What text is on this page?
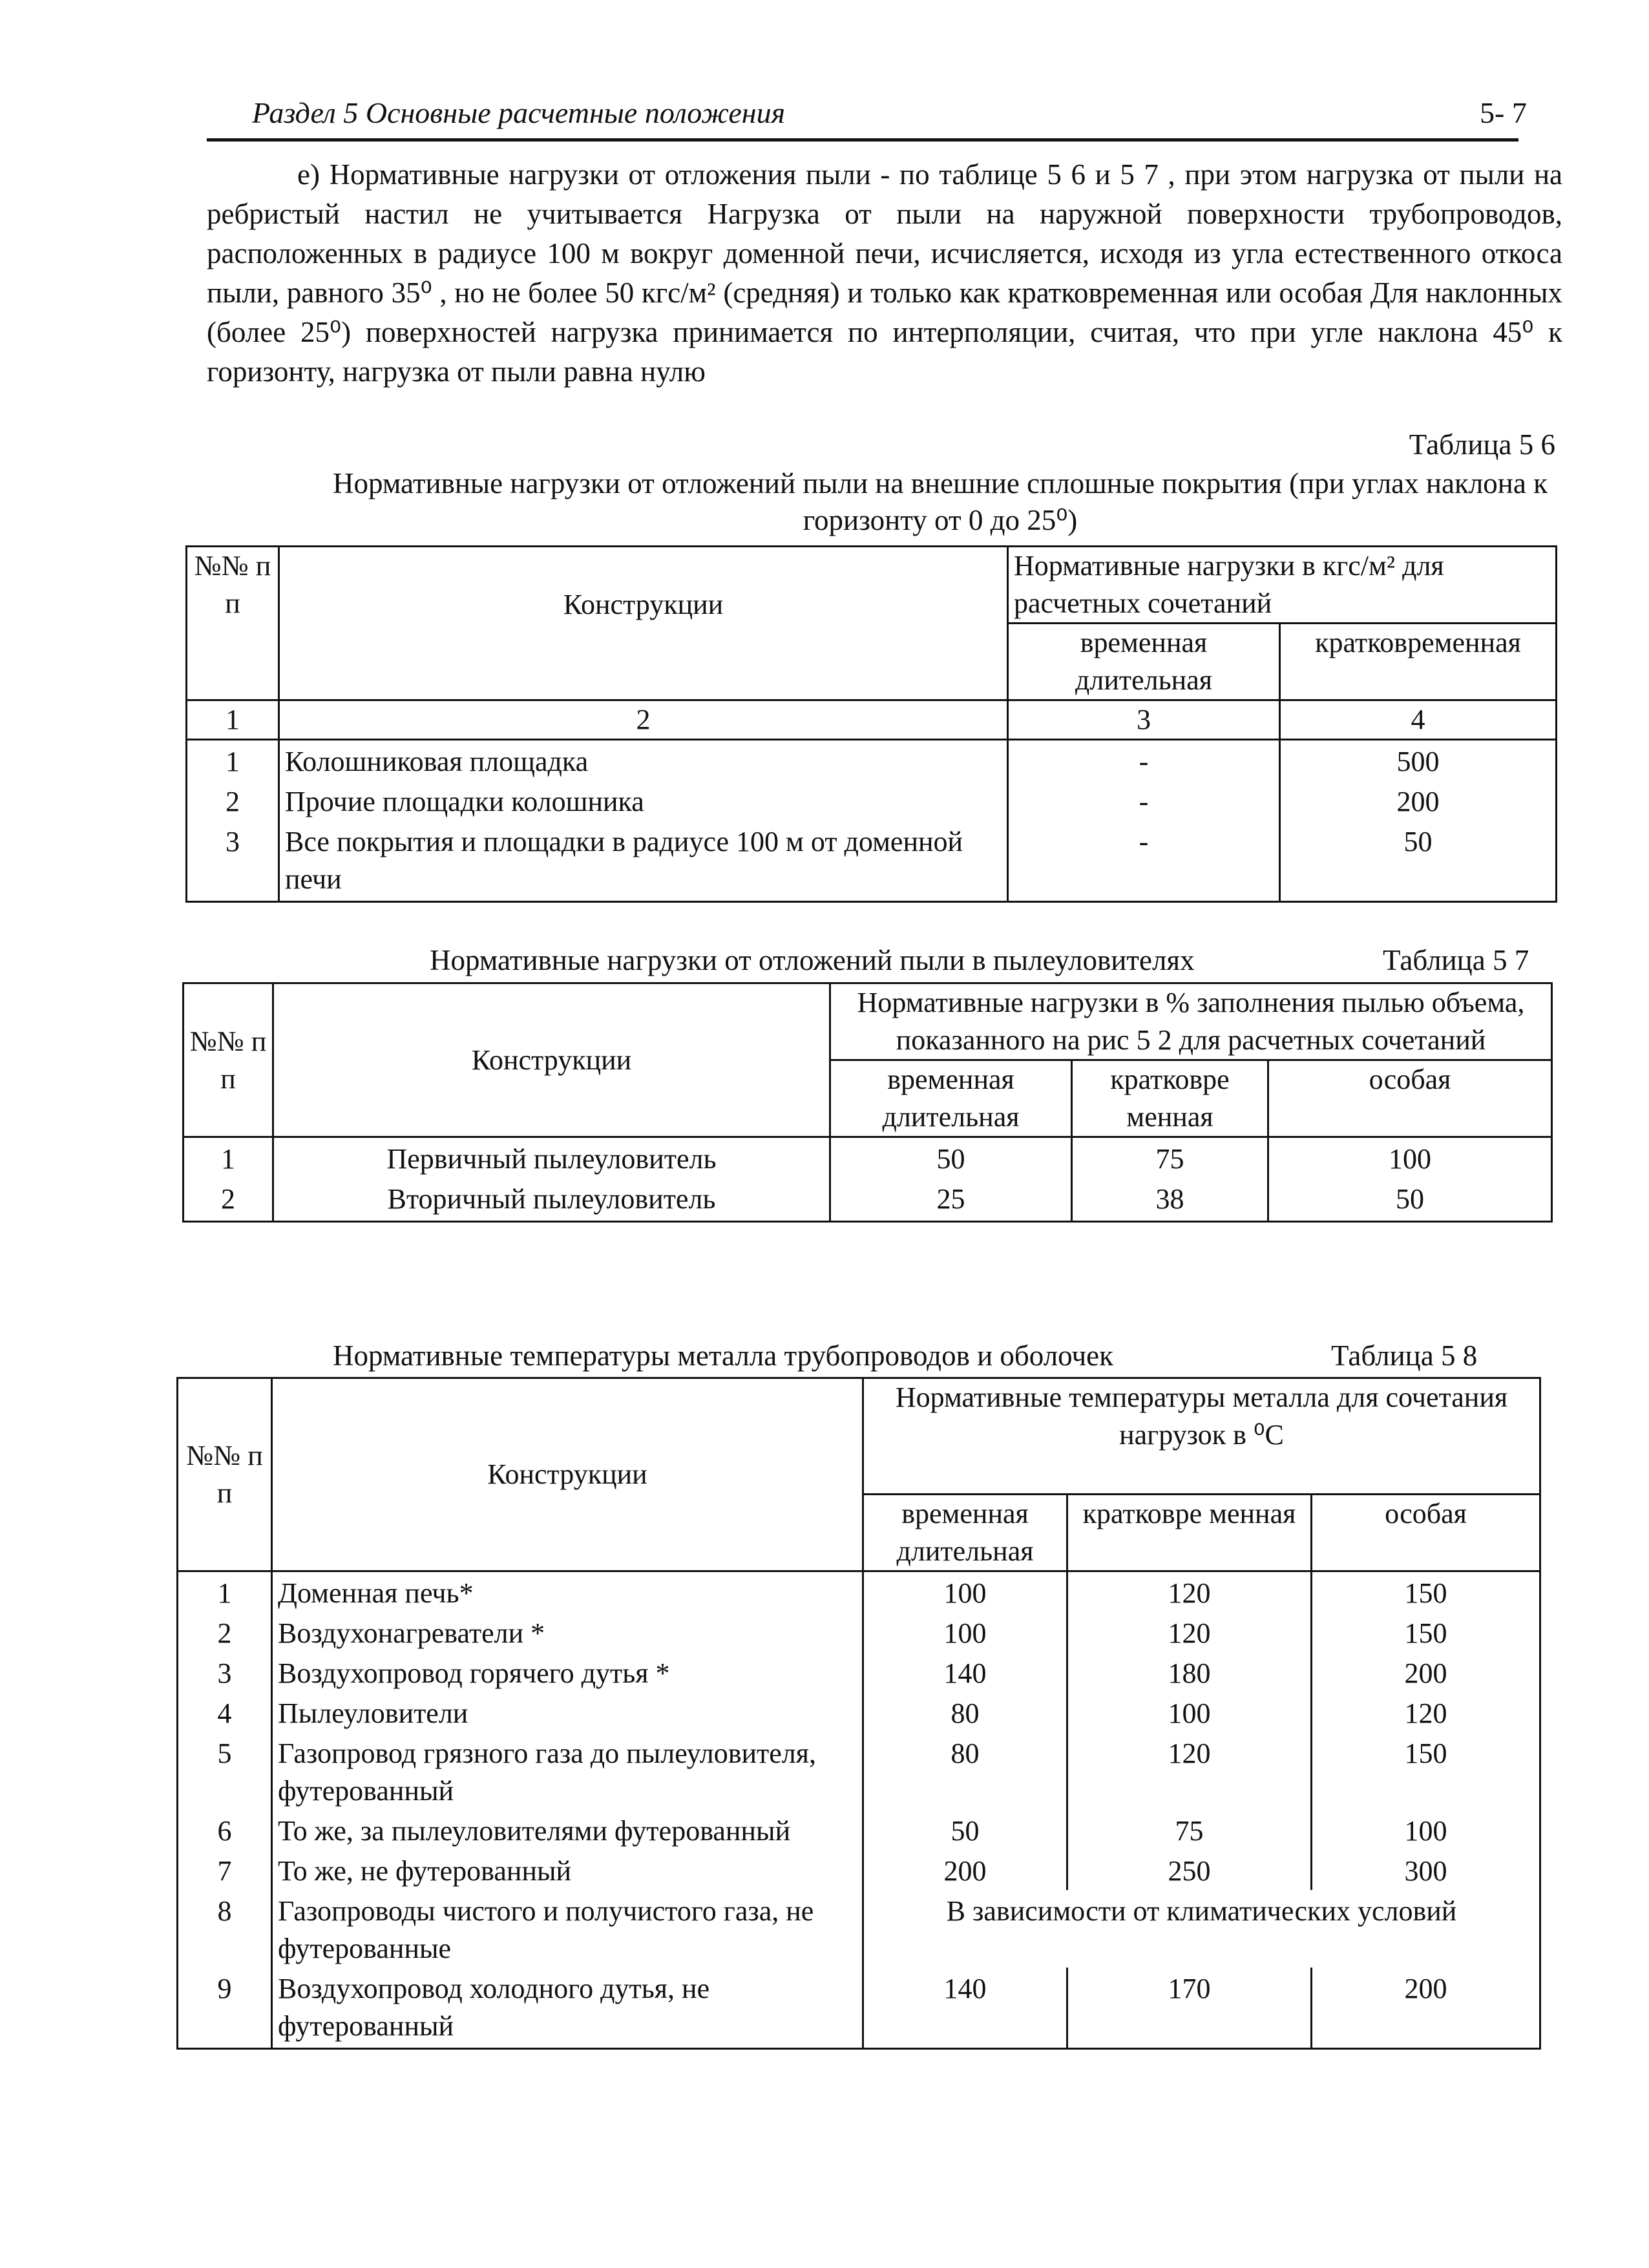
Раздел 5 Основные расчетные положения	5- 7

е) Нормативные нагрузки от отложения пыли - по таблице 5 6 и 5 7 , при этом нагрузка от пыли на ребристый настил не учитывается Нагрузка от пыли на наружной поверхности трубопроводов, расположенных в радиусе 100 м вокруг доменной печи, исчисляется, исходя из угла естественного откоса пыли, равного 35⁰ , но не более 50 кгс/м² (средняя) и только как кратковременная или особая Для наклонных (более 25⁰) поверхностей нагрузка принимается по интерполяции, считая, что при угле наклона 45⁰ к горизонту, нагрузка от пыли равна нулю

Таблица 5 6
Нормативные нагрузки от отложений пыли на внешние сплошные покрытия (при углах наклона к горизонту от 0 до 25⁰)
№№ п п	Конструкции	Нормативные нагрузки в кгс/м² для расчетных сочетаний	
		временная длительная	кратковременная
1	2	3	4
1	Колошниковая площадка	-	500
2	Прочие площадки колошника	-	200
3	Все покрытия и площадки в радиусе 100 м от доменной печи	-	50
Нормативные нагрузки от отложений пыли в пылеуловителях	Таблица 5 7
№№ п п	Конструкции	Нормативные нагрузки в % заполнения пылью объема, показанного на рис 5 2 для расчетных сочетаний		
		временная длительная	кратковре менная	особая
1	Первичный пылеуловитель	50	75	100
2	Вторичный пылеуловитель	25	38	50
Нормативные температуры металла трубопроводов и оболочек	Таблица 5 8
№№ п п	Конструкции	Нормативные температуры металла для сочетания нагрузок в ⁰С		
		временная длительная	кратковре менная	особая
1	Доменная печь*	100	120	150
2	Воздухонагреватели *	100	120	150
3	Воздухопровод горячего дутья *	140	180	200
4	Пылеуловители	80	100	120
5	Газопровод грязного газа до пылеуловителя, футерованный	80	120	150
6	То же, за пылеуловителями футерованный	50	75	100
7	То же, не футерованный	200	250	300
8	Газопроводы чистого и получистого газа, не футерованные	В зависимости от климатических условий		
9	Воздухопровод холодного дутья, не футерованный	140	170	200
